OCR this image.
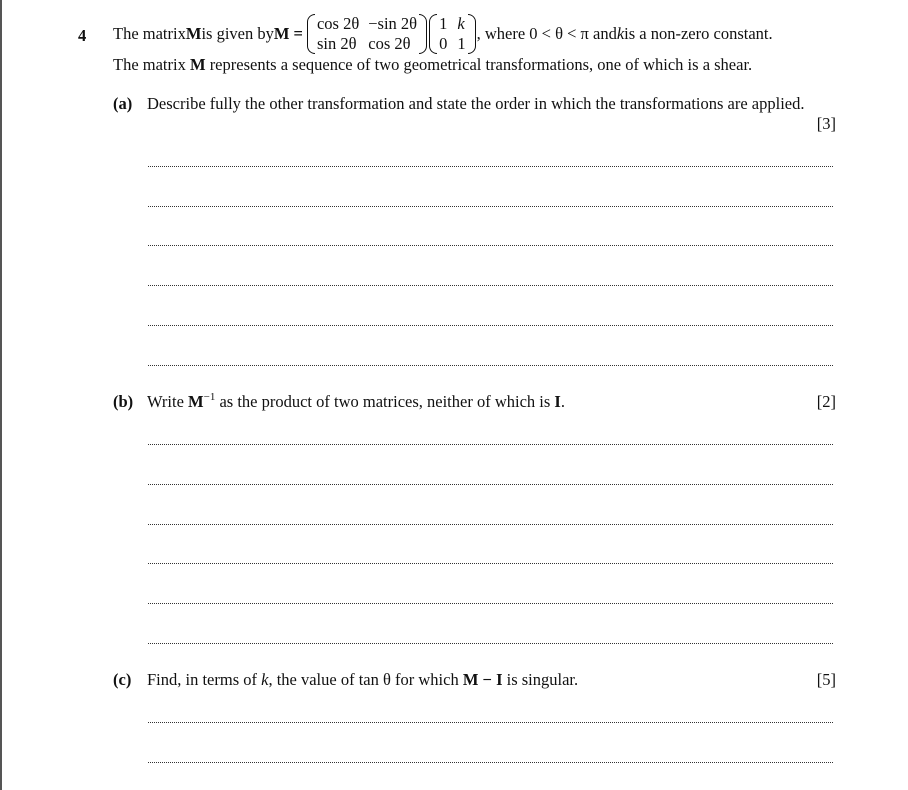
4 The matrix M is given by M =
cos 2θ −sin 2θ
sin 2θ cos 2θ
1 k
0 1
, where 0 < θ < π and k is a non-zero constant.
The matrix M represents a sequence of two geometrical transformations, one of which is a shear.
(a) Describe fully the other transformation and state the order in which the transformations are applied.
[3]
(b) Write $M^{-1}$ as the product of two matrices, neither of which is I.	[2]
(c) Find, in terms of k, the value of tan θ for which M − I is singular.	[5]
